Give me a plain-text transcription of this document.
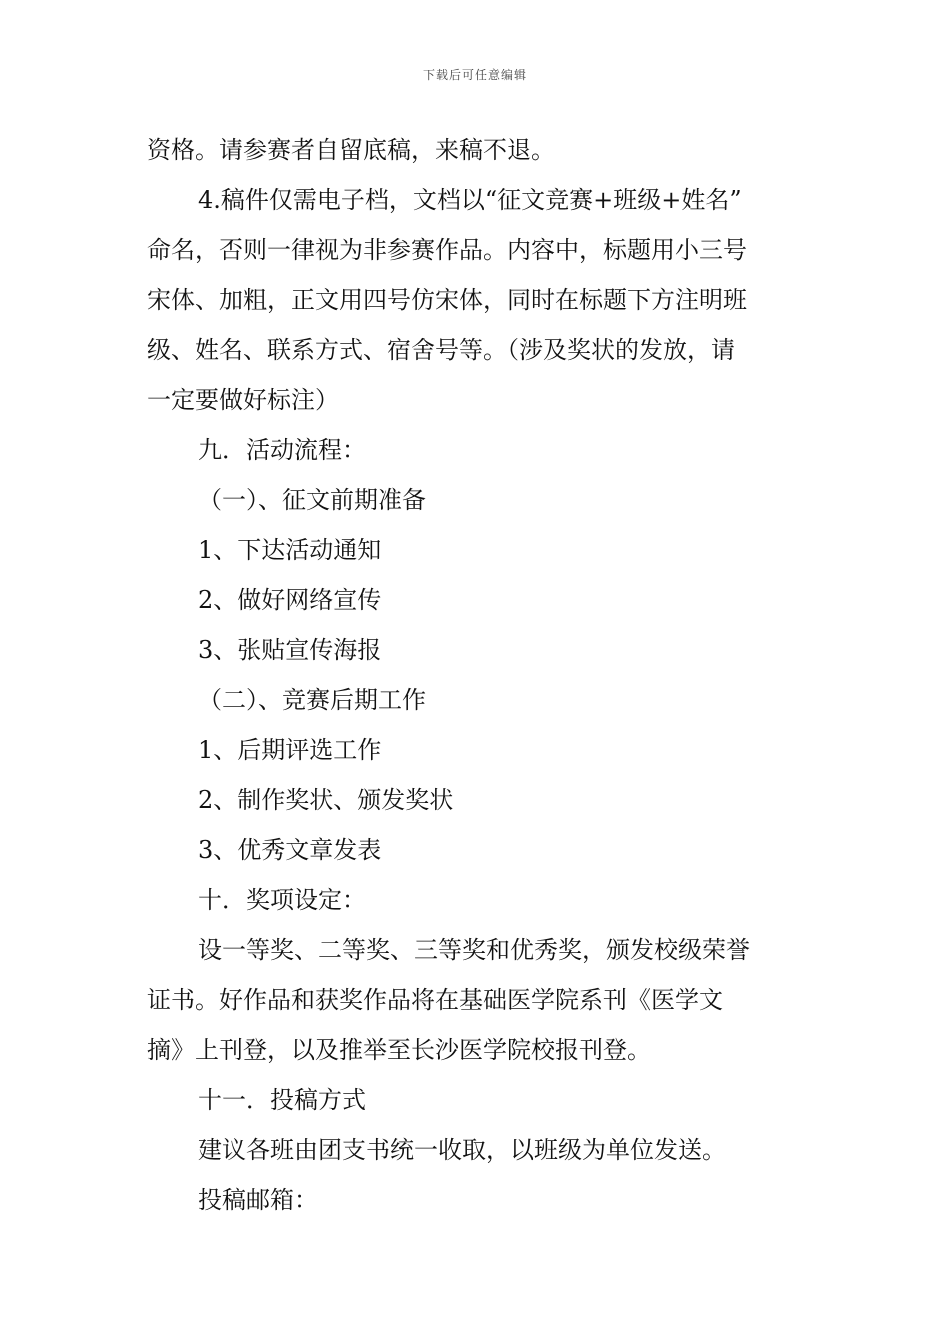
下载后可任意编辑
资格。请参赛者自留底稿，来稿不退。
4.稿件仅需电子档，文档以“征文竞赛+班级+姓名”
命名，否则一律视为非参赛作品。内容中，标题用小三号
宋体、加粗，正文用四号仿宋体，同时在标题下方注明班
级、姓名、联系方式、宿舍号等。（涉及奖状的发放，请
一定要做好标注）
九．活动流程：
（一）、征文前期准备
1、下达活动通知
2、做好网络宣传
3、张贴宣传海报
（二）、竞赛后期工作
1、后期评选工作
2、制作奖状、颁发奖状
3、优秀文章发表
十．奖项设定：
设一等奖、二等奖、三等奖和优秀奖，颁发校级荣誉
证书。好作品和获奖作品将在基础医学院系刊《医学文
摘》上刊登，以及推举至长沙医学院校报刊登。
十一．投稿方式
建议各班由团支书统一收取，以班级为单位发送。
投稿邮箱：
